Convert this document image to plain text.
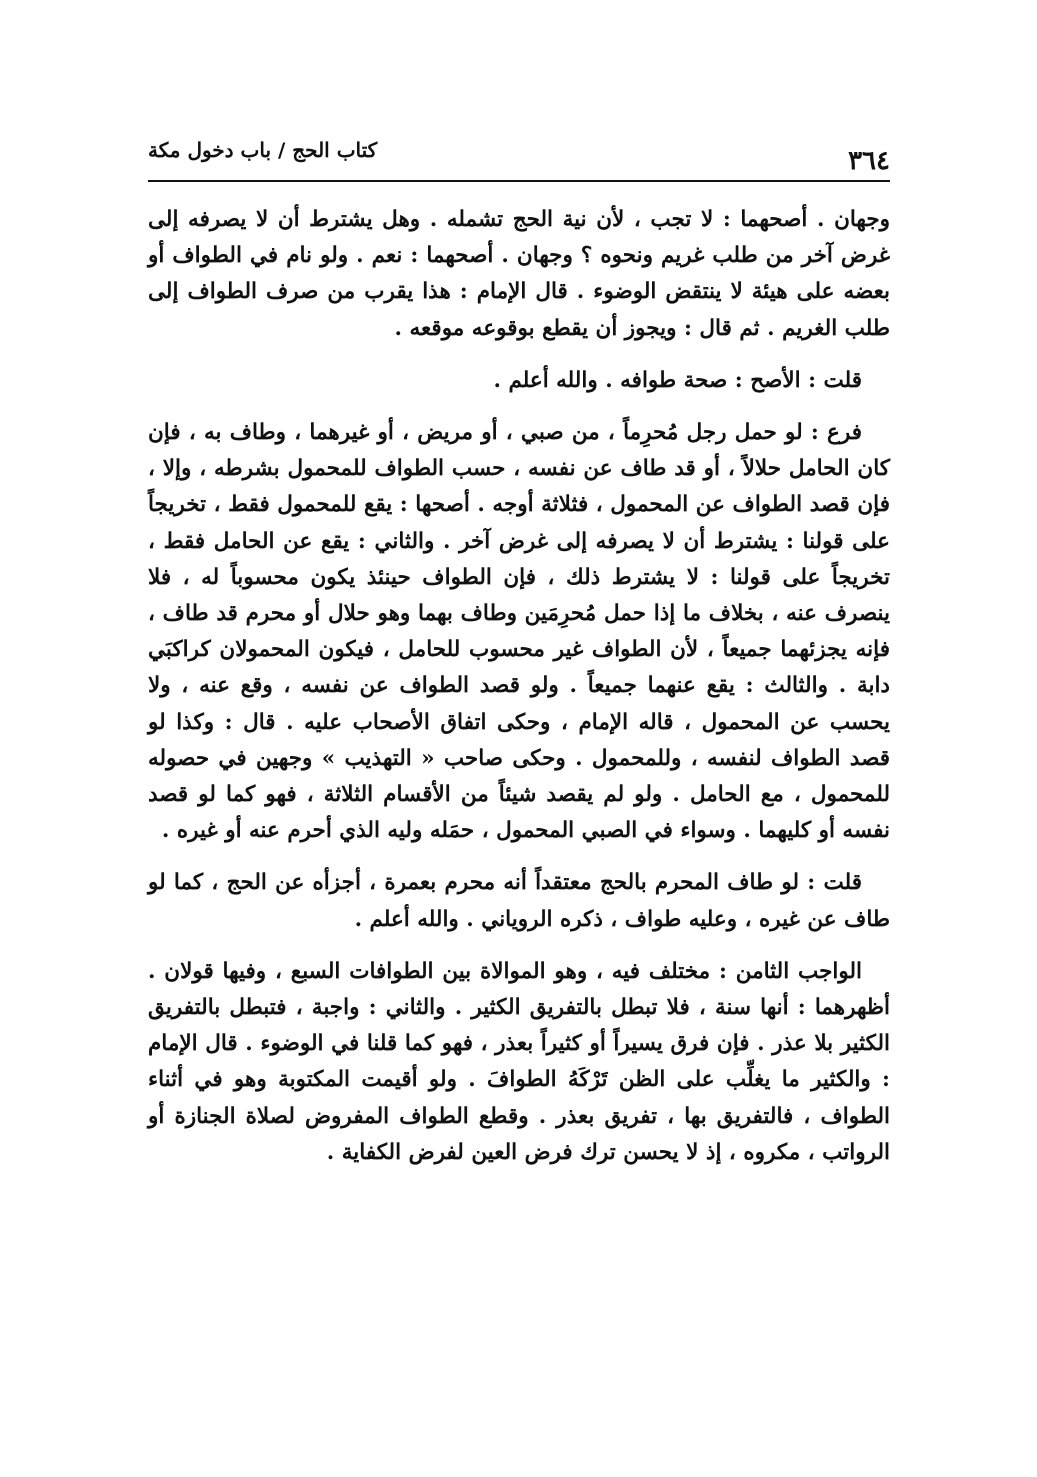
كتاب الحج / باب دخول مكة	٣٦٤

وجهان . أصحهما : لا تجب ، لأن نية الحج تشمله . وهل يشترط أن لا يصرفه إلى غرض آخر من طلب غريم ونحوه ؟ وجهان . أصحهما : نعم . ولو نام في الطواف أو بعضه على هيئة لا ينتقض الوضوء . قال الإمام : هذا يقرب من صرف الطواف إلى طلب الغريم . ثم قال : ويجوز أن يقطع بوقوعه موقعه .

قلت : الأصح : صحة طوافه . والله أعلم .

فرع : لو حمل رجل مُحرِماً ، من صبي ، أو مريض ، أو غيرهما ، وطاف به ، فإن كان الحامل حلالاً ، أو قد طاف عن نفسه ، حسب الطواف للمحمول بشرطه ، وإلا ، فإن قصد الطواف عن المحمول ، فثلاثة أوجه . أصحها : يقع للمحمول فقط ، تخريجاً على قولنا : يشترط أن لا يصرفه إلى غرض آخر . والثاني : يقع عن الحامل فقط ، تخريجاً على قولنا : لا يشترط ذلك ، فإن الطواف حينئذ يكون محسوباً له ، فلا ينصرف عنه ، بخلاف ما إذا حمل مُحرِمَين وطاف بهما وهو حلال أو محرم قد طاف ، فإنه يجزئهما جميعاً ، لأن الطواف غير محسوب للحامل ، فيكون المحمولان كراكبَي دابة . والثالث : يقع عنهما جميعاً . ولو قصد الطواف عن نفسه ، وقع عنه ، ولا يحسب عن المحمول ، قاله الإمام ، وحكى اتفاق الأصحاب عليه . قال : وكذا لو قصد الطواف لنفسه ، وللمحمول . وحكى صاحب « التهذيب » وجهين في حصوله للمحمول ، مع الحامل . ولو لم يقصد شيئاً من الأقسام الثلاثة ، فهو كما لو قصد نفسه أو كليهما . وسواء في الصبي المحمول ، حمَله وليه الذي أحرم عنه أو غيره .

قلت : لو طاف المحرم بالحج معتقداً أنه محرم بعمرة ، أجزأه عن الحج ، كما لو طاف عن غيره ، وعليه طواف ، ذكره الروياني . والله أعلم .

الواجب الثامن : مختلف فيه ، وهو الموالاة بين الطوافات السبع ، وفيها قولان . أظهرهما : أنها سنة ، فلا تبطل بالتفريق الكثير . والثاني : واجبة ، فتبطل بالتفريق الكثير بلا عذر . فإن فرق يسيراً أو كثيراً بعذر ، فهو كما قلنا في الوضوء . قال الإمام : والكثير ما يغلِّب على الظن تَرْكَهُ الطوافَ . ولو أقيمت المكتوبة وهو في أثناء الطواف ، فالتفريق بها ، تفريق بعذر . وقطع الطواف المفروض لصلاة الجنازة أو الرواتب ، مكروه ، إذ لا يحسن ترك فرض العين لفرض الكفاية .
